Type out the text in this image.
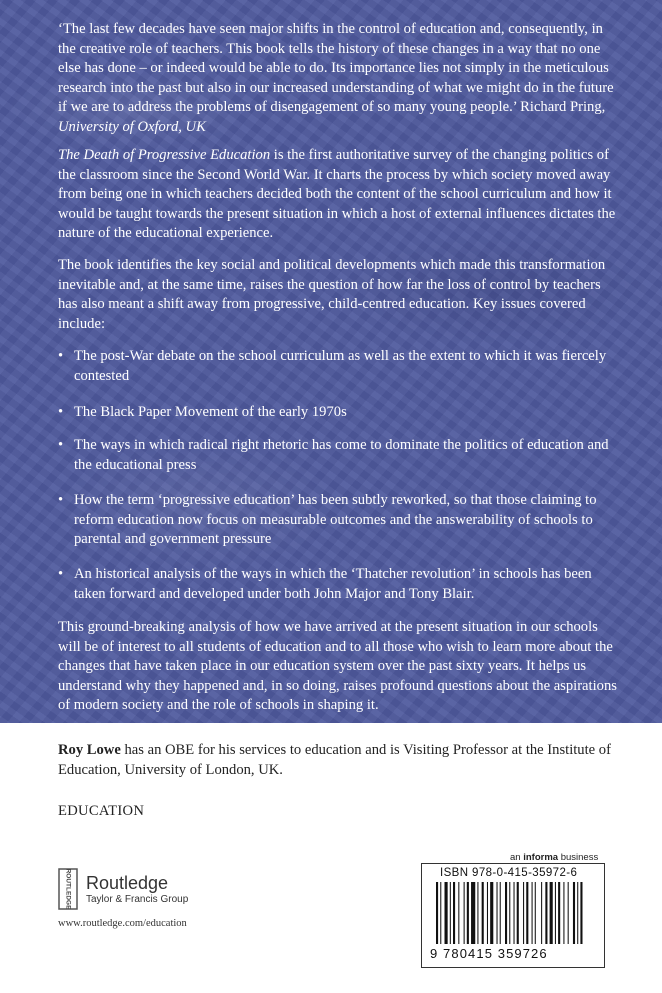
‘The last few decades have seen major shifts in the control of education and, consequently, in the creative role of teachers. This book tells the history of these changes in a way that no one else has done – or indeed would be able to do. Its importance lies not simply in the meticulous research into the past but also in our increased understanding of what we might do in the future if we are to address the problems of disengagement of so many young people.’ Richard Pring, University of Oxford, UK

The Death of Progressive Education is the first authoritative survey of the changing politics of the classroom since the Second World War. It charts the process by which society moved away from being one in which teachers decided both the content of the school curriculum and how it would be taught towards the present situation in which a host of external influences dictates the nature of the educational experience.

The book identifies the key social and political developments which made this transformation inevitable and, at the same time, raises the question of how far the loss of control by teachers has also meant a shift away from progressive, child-centred education. Key issues covered include:

• The post-War debate on the school curriculum as well as the extent to which it was fiercely contested
• The Black Paper Movement of the early 1970s
• The ways in which radical right rhetoric has come to dominate the politics of education and the educational press
• How the term ‘progressive education’ has been subtly reworked, so that those claiming to reform education now focus on measurable outcomes and the answerability of schools to parental and government pressure
• An historical analysis of the ways in which the ‘Thatcher revolution’ in schools has been taken forward and developed under both John Major and Tony Blair.

This ground-breaking analysis of how we have arrived at the present situation in our schools will be of interest to all students of education and to all those who wish to learn more about the changes that have taken place in our education system over the past sixty years. It helps us understand why they happened and, in so doing, raises profound questions about the aspirations of modern society and the role of schools in shaping it.

Roy Lowe has an OBE for his services to education and is Visiting Professor at the Institute of Education, University of London, UK.
EDUCATION
ROUTLEDGE Routledge
Taylor & Francis Group
www.routledge.com/education
an informa business
ISBN 978-0-415-35972-6
9 780415 359726
